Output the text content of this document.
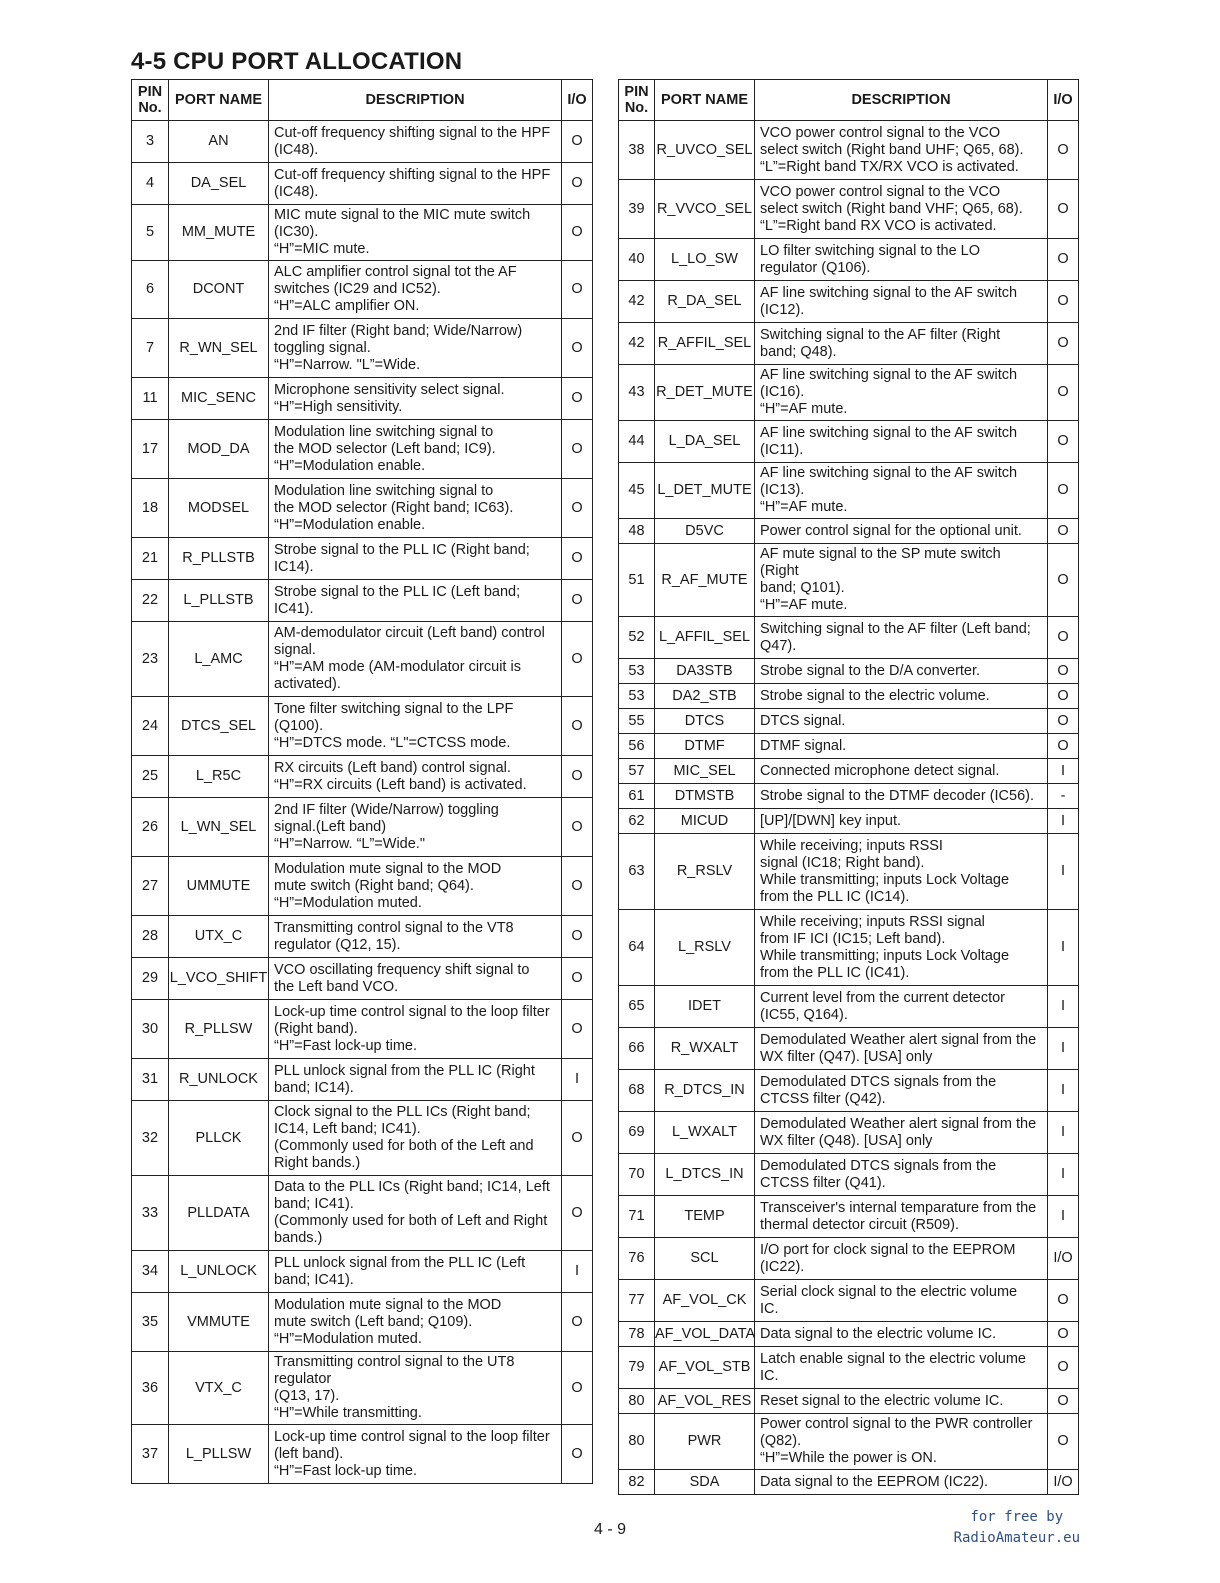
4-5 CPU PORT ALLOCATION
PIN
No.	PORT NAME	DESCRIPTION	I/O
3	AN	Cut-off frequency shifting signal to the HPF
(IC48).	O
4	DA_SEL	Cut-off frequency shifting signal to the HPF
(IC48).	O
5	MM_MUTE	MIC mute signal to the MIC mute switch (IC30).
“H”=MIC mute.	O
6	DCONT	ALC amplifier control signal tot the AF
switches (IC29 and IC52).
“H”=ALC amplifier ON.	O
7	R_WN_SEL	2nd IF filter (Right band; Wide/Narrow)
toggling signal.
“H”=Narrow. "L”=Wide.	O
11	MIC_SENC	Microphone sensitivity select signal.
“H”=High sensitivity.	O
17	MOD_DA	Modulation line switching signal to
the MOD selector (Left band; IC9).
“H”=Modulation enable.	O
18	MODSEL	Modulation line switching signal to
the MOD selector (Right band; IC63).
“H”=Modulation enable.	O
21	R_PLLSTB	Strobe signal to the PLL IC (Right band;
IC14).	O
22	L_PLLSTB	Strobe signal to the PLL IC (Left band;
IC41).	O
23	L_AMC	AM-demodulator circuit (Left band) control
signal.
“H”=AM mode (AM-modulator circuit is
activated).	O
24	DTCS_SEL	Tone filter switching signal to the LPF
(Q100).
“H”=DTCS mode. “L"=CTCSS mode.	O
25	L_R5C	RX circuits (Left band) control signal.
“H”=RX circuits (Left band) is activated.	O
26	L_WN_SEL	2nd IF filter (Wide/Narrow) toggling
signal.(Left band)
“H”=Narrow. “L”=Wide."	O
27	UMMUTE	Modulation mute signal to the MOD
mute switch (Right band; Q64).
“H”=Modulation muted.	O
28	UTX_C	Transmitting control signal to the VT8
regulator (Q12, 15).	O
29	L_VCO_SHIFT	VCO oscillating frequency shift signal to
the Left band VCO.	O
30	R_PLLSW	Lock-up time control signal to the loop filter
(Right band).
“H”=Fast lock-up time.	O
31	R_UNLOCK	PLL unlock signal from the PLL IC (Right
band; IC14).	I
32	PLLCK	Clock signal to the PLL ICs (Right band;
IC14, Left band; IC41).
(Commonly used for both of the Left and
Right bands.)	O
33	PLLDATA	Data to the PLL ICs (Right band; IC14, Left
band; IC41).
(Commonly used for both of Left and Right
bands.)	O
34	L_UNLOCK	PLL unlock signal from the PLL IC (Left
band; IC41).	I
35	VMMUTE	Modulation mute signal to the MOD
mute switch (Left band; Q109).
“H”=Modulation muted.	O
36	VTX_C	Transmitting control signal to the UT8 regulator
(Q13, 17).
“H”=While transmitting.	O
37	L_PLLSW	Lock-up time control signal to the loop filter
(left band).
“H”=Fast lock-up time.	O
PIN
No.	PORT NAME	DESCRIPTION	I/O
38	R_UVCO_SEL	VCO power control signal to the VCO
select switch (Right band UHF; Q65, 68).
“L”=Right band TX/RX VCO is activated.	O
39	R_VVCO_SEL	VCO power control signal to the VCO
select switch (Right band VHF; Q65, 68).
“L”=Right band RX VCO is activated.	O
40	L_LO_SW	LO filter switching signal to the LO
regulator (Q106).	O
42	R_DA_SEL	AF line switching signal to the AF switch
(IC12).	O
42	R_AFFIL_SEL	Switching signal to the AF filter (Right
band; Q48).	O
43	R_DET_MUTE	AF line switching signal to the AF switch (IC16).
“H”=AF mute.	O
44	L_DA_SEL	AF line switching signal to the AF switch
(IC11).	O
45	L_DET_MUTE	AF line switching signal to the AF switch (IC13).
“H”=AF mute.	O
48	D5VC	Power control signal for the optional unit.	O
51	R_AF_MUTE	AF mute signal to the SP mute switch (Right
band; Q101).
“H”=AF mute.	O
52	L_AFFIL_SEL	Switching signal to the AF filter (Left band;
Q47).	O
53	DA3STB	Strobe signal to the D/A converter.	O
53	DA2_STB	Strobe signal to the electric volume.	O
55	DTCS	DTCS signal.	O
56	DTMF	DTMF signal.	O
57	MIC_SEL	Connected microphone detect signal.	I
61	DTMSTB	Strobe signal to the DTMF decoder (IC56).	-
62	MICUD	[UP]/[DWN] key input.	I
63	R_RSLV	While receiving; inputs RSSI
signal (IC18; Right band).
While transmitting; inputs Lock Voltage
from the PLL IC (IC14).	I
64	L_RSLV	While receiving; inputs RSSI signal
from IF ICI (IC15; Left band).
While transmitting; inputs Lock Voltage
from the PLL IC (IC41).	I
65	IDET	Current level from the current detector
(IC55, Q164).	I
66	R_WXALT	Demodulated Weather alert signal from the
WX filter (Q47). [USA] only	I
68	R_DTCS_IN	Demodulated DTCS signals from the
CTCSS filter (Q42).	I
69	L_WXALT	Demodulated Weather alert signal from the
WX filter (Q48). [USA] only	I
70	L_DTCS_IN	Demodulated DTCS signals from the
CTCSS filter (Q41).	I
71	TEMP	Transceiver's internal temparature from the
thermal detector circuit (R509).	I
76	SCL	I/O port for clock signal to the EEPROM
(IC22).	I/O
77	AF_VOL_CK	Serial clock signal to the electric volume
IC.	O
78	AF_VOL_DATA	Data signal to the electric volume IC.	O
79	AF_VOL_STB	Latch enable signal to the electric volume
IC.	O
80	AF_VOL_RES	Reset signal to the electric volume IC.	O
80	PWR	Power control signal to the PWR controller
(Q82).
“H”=While the power is ON.	O
82	SDA	Data signal to the EEPROM (IC22).	I/O
4 - 9
for free by
RadioAmateur.eu
